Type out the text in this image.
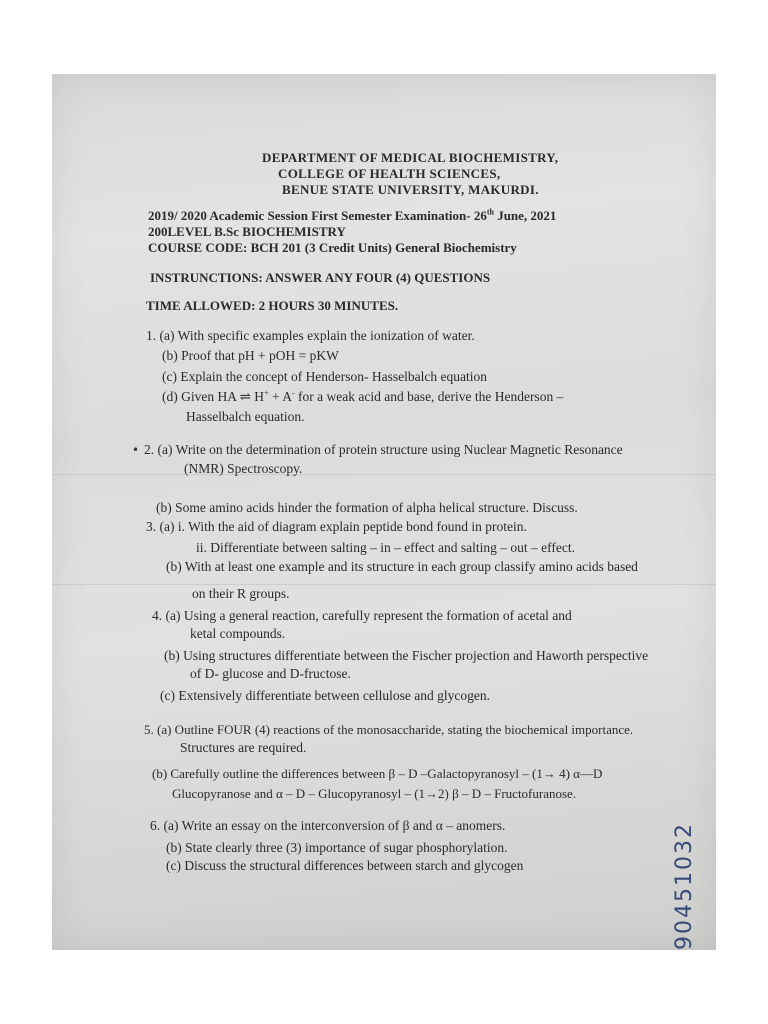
DEPARTMENT OF MEDICAL BIOCHEMISTRY,
COLLEGE OF HEALTH SCIENCES,
BENUE STATE UNIVERSITY, MAKURDI.
2019/ 2020 Academic Session First Semester Examination- 26th June, 2021
200LEVEL B.Sc BIOCHEMISTRY
COURSE CODE: BCH 201 (3 Credit Units) General Biochemistry
INSTRUNCTIONS: ANSWER ANY FOUR (4) QUESTIONS
TIME ALLOWED: 2 HOURS 30 MINUTES.
1. (a) With specific examples explain the ionization of water.
(b) Proof that pH + pOH = pKW
(c) Explain the concept of Henderson- Hasselbalch equation
(d) Given HA ⇌ H+ + A- for a weak acid and base, derive the Henderson –
Hasselbalch equation.
• 2. (a) Write on the determination of protein structure using Nuclear Magnetic Resonance
(NMR) Spectroscopy.
(b) Some amino acids hinder the formation of alpha helical structure. Discuss.
3. (a) i. With the aid of diagram explain peptide bond found in protein.
ii. Differentiate between salting – in – effect and salting – out – effect.
(b) With at least one example and its structure in each group classify amino acids based
on their R groups.
4. (a) Using a general reaction, carefully represent the formation of acetal and
ketal compounds.
(b) Using structures differentiate between the Fischer projection and Haworth perspective
of D- glucose and D-fructose.
(c) Extensively differentiate between cellulose and glycogen.
5. (a) Outline FOUR (4) reactions of the monosaccharide, stating the biochemical importance.
Structures are required.
(b) Carefully outline the differences between β – D –Galactopyranosyl – (1→ 4) α—D
Glucopyranose and α – D – Glucopyranosyl – (1→2) β – D – Fructofuranose.
6. (a) Write an essay on the interconversion of β and α – anomers.
(b) State clearly three (3) importance of sugar phosphorylation.
(c) Discuss the structural differences between starch and glycogen	90451032
